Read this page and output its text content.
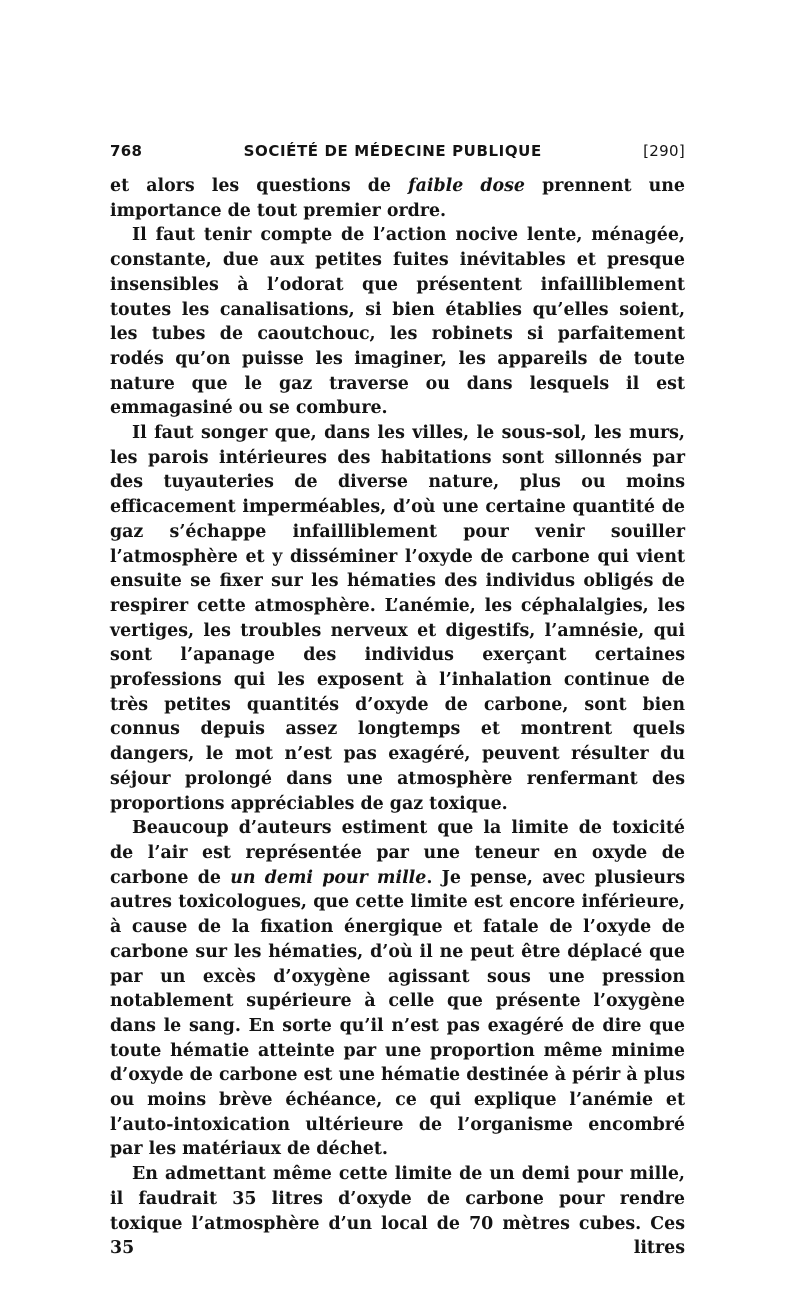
768	SOCIÉTÉ DE MÉDECINE PUBLIQUE	[290]

et alors les questions de faible dose prennent une importance de tout premier ordre.

Il faut tenir compte de l’action nocive lente, ménagée, constante, due aux petites fuites inévitables et presque insensibles à l’odorat que présentent infailliblement toutes les canalisations, si bien établies qu’elles soient, les tubes de caoutchouc, les robinets si parfaitement rodés qu’on puisse les imaginer, les appareils de toute nature que le gaz traverse ou dans lesquels il est emmagasiné ou se combure.

Il faut songer que, dans les villes, le sous-sol, les murs, les parois intérieures des habitations sont sillonnés par des tuyauteries de diverse nature, plus ou moins efficacement imperméables, d’où une certaine quantité de gaz s’échappe infailliblement pour venir souiller l’atmosphère et y disséminer l’oxyde de carbone qui vient ensuite se fixer sur les hématies des individus obligés de respirer cette atmosphère. L’anémie, les céphalalgies, les vertiges, les troubles nerveux et digestifs, l’amnésie, qui sont l’apanage des individus exerçant certaines professions qui les exposent à l’inhalation continue de très petites quantités d’oxyde de carbone, sont bien connus depuis assez longtemps et montrent quels dangers, le mot n’est pas exagéré, peuvent résulter du séjour prolongé dans une atmosphère renfermant des proportions appréciables de gaz toxique.

Beaucoup d’auteurs estiment que la limite de toxicité de l’air est représentée par une teneur en oxyde de carbone de un demi pour mille. Je pense, avec plusieurs autres toxicologues, que cette limite est encore inférieure, à cause de la fixation énergique et fatale de l’oxyde de carbone sur les hématies, d’où il ne peut être déplacé que par un excès d’oxygène agissant sous une pression notablement supérieure à celle que présente l’oxygène dans le sang. En sorte qu’il n’est pas exagéré de dire que toute hématie atteinte par une proportion même minime d’oxyde de carbone est une hématie destinée à périr à plus ou moins brève échéance, ce qui explique l’anémie et l’auto-intoxication ultérieure de l’organisme encombré par les matériaux de déchet.

En admettant même cette limite de un demi pour mille, il faudrait 35 litres d’oxyde de carbone pour rendre toxique l’atmosphère d’un local de 70 mètres cubes. Ces 35 litres
